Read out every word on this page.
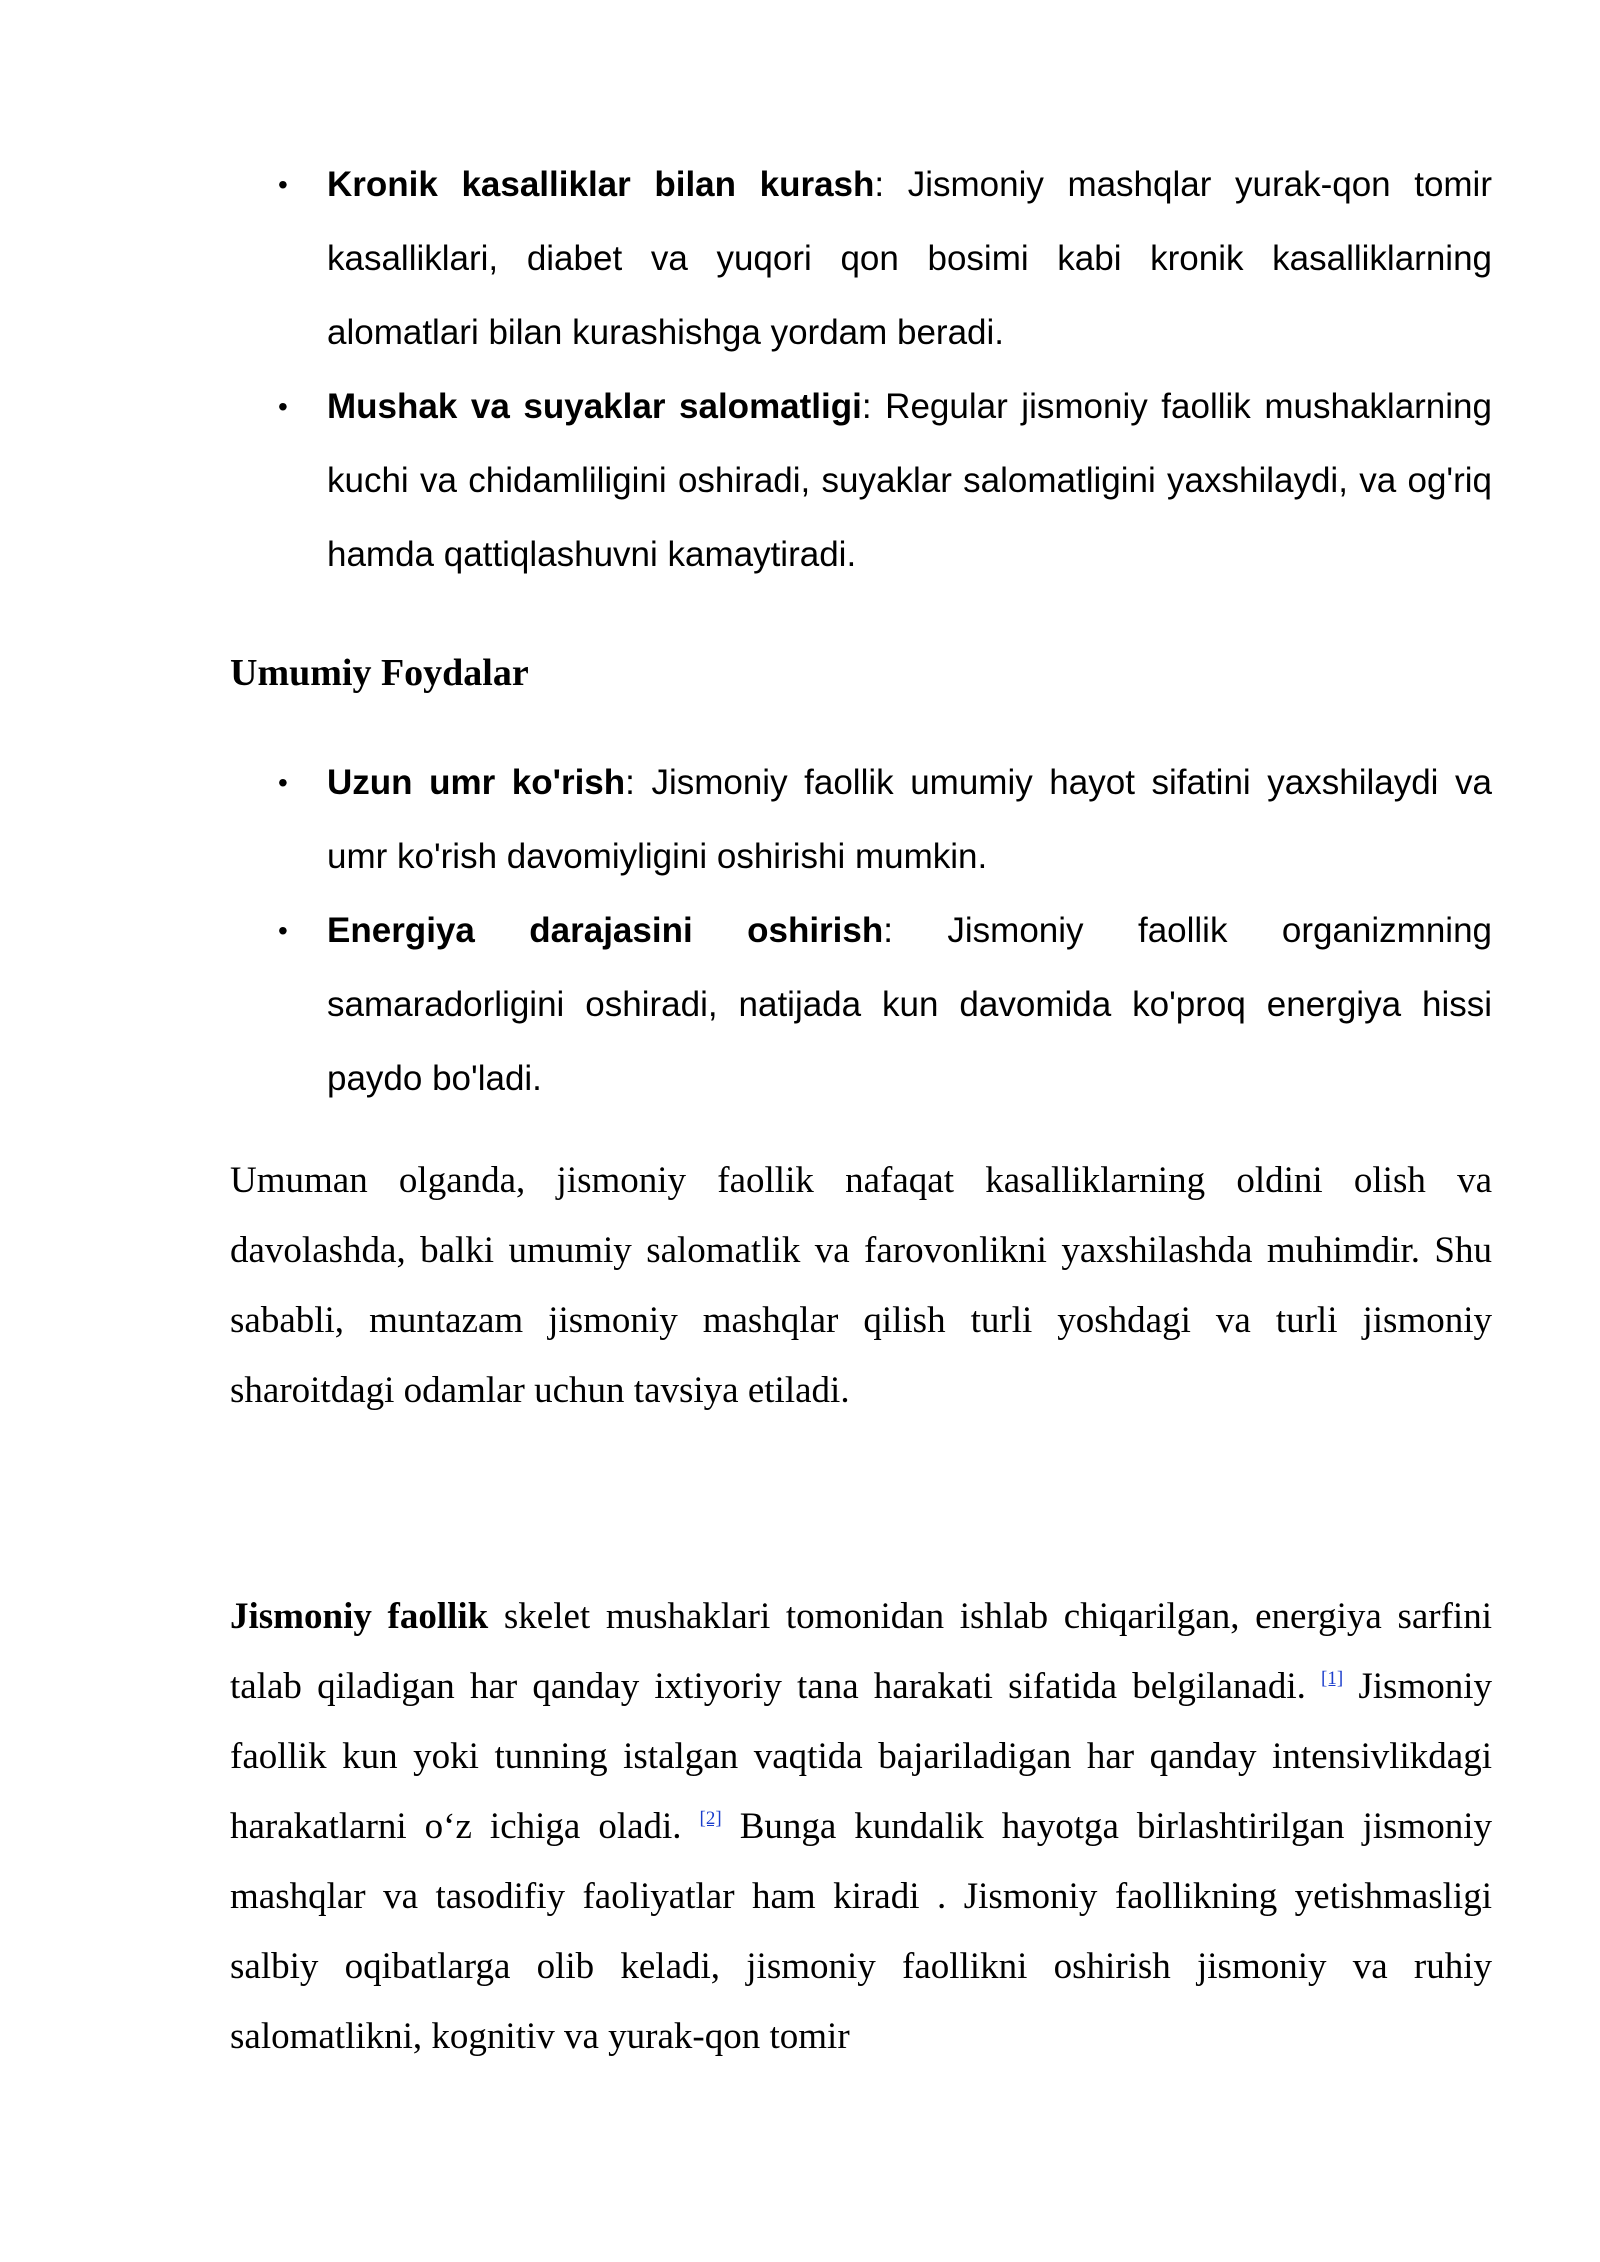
• Kronik kasalliklar bilan kurash: Jismoniy mashqlar yurak-qon tomir kasalliklari, diabet va yuqori qon bosimi kabi kronik kasalliklarning alomatlari bilan kurashishga yordam beradi.
• Mushak va suyaklar salomatligi: Regular jismoniy faollik mushaklarning kuchi va chidamliligini oshiradi, suyaklar salomatligini yaxshilaydi, va og'riq hamda qattiqlashuvni kamaytiradi.
Umumiy Foydalar
• Uzun umr ko'rish: Jismoniy faollik umumiy hayot sifatini yaxshilaydi va umr ko'rish davomiyligini oshirishi mumkin.
• Energiya darajasini oshirish: Jismoniy faollik organizmning samaradorligini oshiradi, natijada kun davomida ko'proq energiya hissi paydo bo'ladi.

Umuman olganda, jismoniy faollik nafaqat kasalliklarning oldini olish va davolashda, balki umumiy salomatlik va farovonlikni yaxshilashda muhimdir. Shu sababli, muntazam jismoniy mashqlar qilish turli yoshdagi va turli jismoniy sharoitdagi odamlar uchun tavsiya etiladi.

Jismoniy faollik skelet mushaklari tomonidan ishlab chiqarilgan, energiya sarfini talab qiladigan har qanday ixtiyoriy tana harakati sifatida belgilanadi. [1] Jismoniy faollik kun yoki tunning istalgan vaqtida bajariladigan har qanday intensivlikdagi harakatlarni o‘z ichiga oladi. [2] Bunga kundalik hayotga birlashtirilgan jismoniy mashqlar va tasodifiy faoliyatlar ham kiradi . Jismoniy faollikning yetishmasligi salbiy oqibatlarga olib keladi, jismoniy faollikni oshirish jismoniy va ruhiy salomatlikni, kognitiv va yurak-qon tomir
